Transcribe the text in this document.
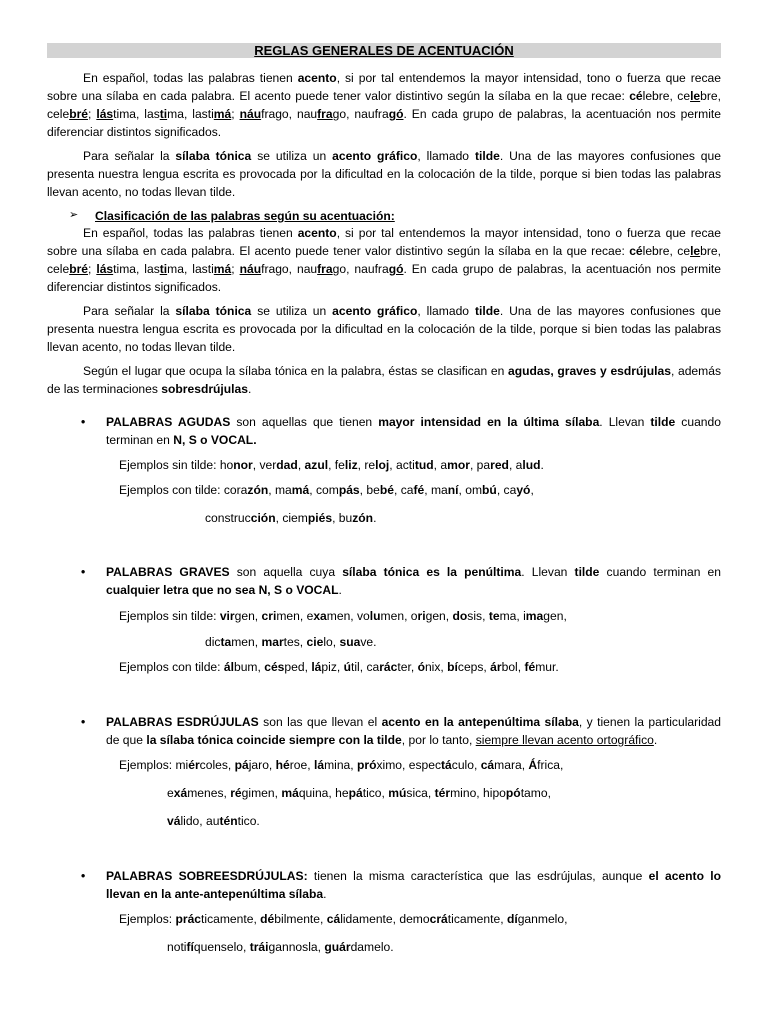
REGLAS GENERALES DE ACENTUACIÓN

En español, todas las palabras tienen acento, si por tal entendemos la mayor intensidad, tono o fuerza que recae sobre una sílaba en cada palabra. El acento puede tener valor distintivo según la sílaba en la que recae: célebre, celebre, celebré; lástima, lastima, lastimá; náufrago, naufrago, naufragó. En cada grupo de palabras, la acentuación nos permite diferenciar distintos significados.

Para señalar la sílaba tónica se utiliza un acento gráfico, llamado tilde. Una de las mayores confusiones que presenta nuestra lengua escrita es provocada por la dificultad en la colocación de la tilde, porque si bien todas las palabras llevan acento, no todas llevan tilde.

➢ Clasificación de las palabras según su acentuación:

En español, todas las palabras tienen acento, si por tal entendemos la mayor intensidad, tono o fuerza que recae sobre una sílaba en cada palabra. El acento puede tener valor distintivo según la sílaba en la que recae: célebre, celebre, celebré; lástima, lastima, lastimá; náufrago, naufrago, naufragó. En cada grupo de palabras, la acentuación nos permite diferenciar distintos significados.

Para señalar la sílaba tónica se utiliza un acento gráfico, llamado tilde. Una de las mayores confusiones que presenta nuestra lengua escrita es provocada por la dificultad en la colocación de la tilde, porque si bien todas las palabras llevan acento, no todas llevan tilde.

Según el lugar que ocupa la sílaba tónica en la palabra, éstas se clasifican en agudas, graves y esdrújulas, además de las terminaciones sobresdrújulas.

• PALABRAS AGUDAS son aquellas que tienen mayor intensidad en la última sílaba. Llevan tilde cuando terminan en N, S o VOCAL.

Ejemplos sin tilde: honor, verdad, azul, feliz, reloj, actitud, amor, pared, alud.

Ejemplos con tilde: corazón, mamá, compás, bebé, café, maní, ombú, cayó,

construcción, ciempiés, buzón.

• PALABRAS GRAVES son aquella cuya sílaba tónica es la penúltima. Llevan tilde cuando terminan en cualquier letra que no sea N, S o VOCAL.

Ejemplos sin tilde: virgen, crimen, examen, volumen, origen, dosis, tema, imagen,

dictamen, martes, cielo, suave.

Ejemplos con tilde: álbum, césped, lápiz, útil, carácter, ónix, bíceps, árbol, fémur.

• PALABRAS ESDRÚJULAS son las que llevan el acento en la antepenúltima sílaba, y tienen la particularidad de que la sílaba tónica coincide siempre con la tilde, por lo tanto, siempre llevan acento ortográfico.

Ejemplos: miércoles, pájaro, héroe, lámina, próximo, espectáculo, cámara, África,

exámenes, régimen, máquina, hepático, música, término, hipopótamo,

válido, auténtico.

• PALABRAS SOBREESDRÚJULAS: tienen la misma característica que las esdrújulas, aunque el acento lo llevan en la ante-antepenúltima sílaba.

Ejemplos: prácticamente, débilmente, cálidamente, democráticamente, díganmelo,

notifíquenselo, tráigannosla, guárdamelo.
